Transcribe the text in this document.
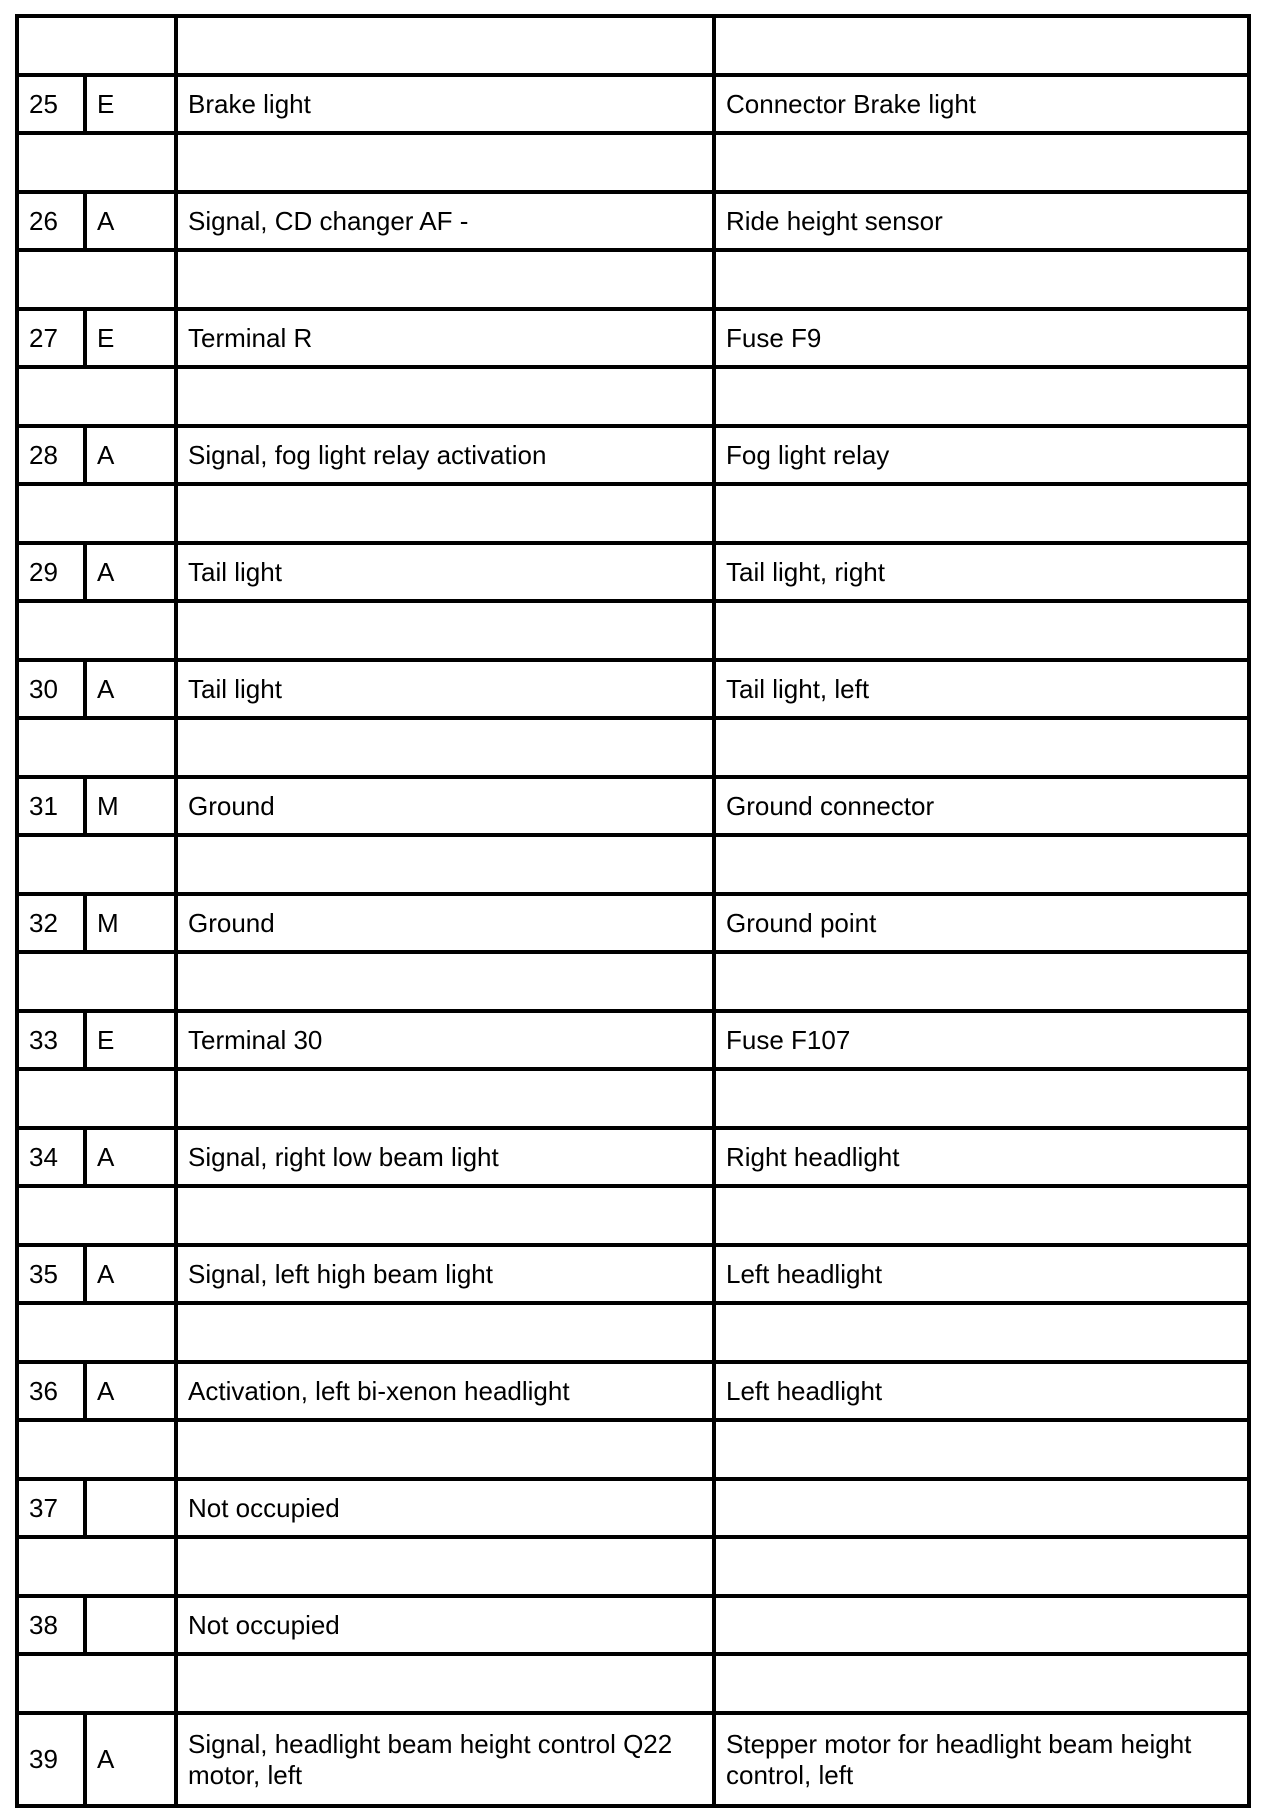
25	E	Brake light	Connector Brake light

26	A	Signal, CD changer AF -	Ride height sensor

27	E	Terminal R	Fuse F9

28	A	Signal, fog light relay activation	Fog light relay

29	A	Tail light	Tail light, right

30	A	Tail light	Tail light, left

31	M	Ground	Ground connector

32	M	Ground	Ground point

33	E	Terminal 30	Fuse F107

34	A	Signal, right low beam light	Right headlight

35	A	Signal, left high beam light	Left headlight

36	A	Activation, left bi-xenon headlight	Left headlight

37		Not occupied	

38		Not occupied	

39	A	Signal, headlight beam height control Q22 motor, left	Stepper motor for headlight beam height control, left
